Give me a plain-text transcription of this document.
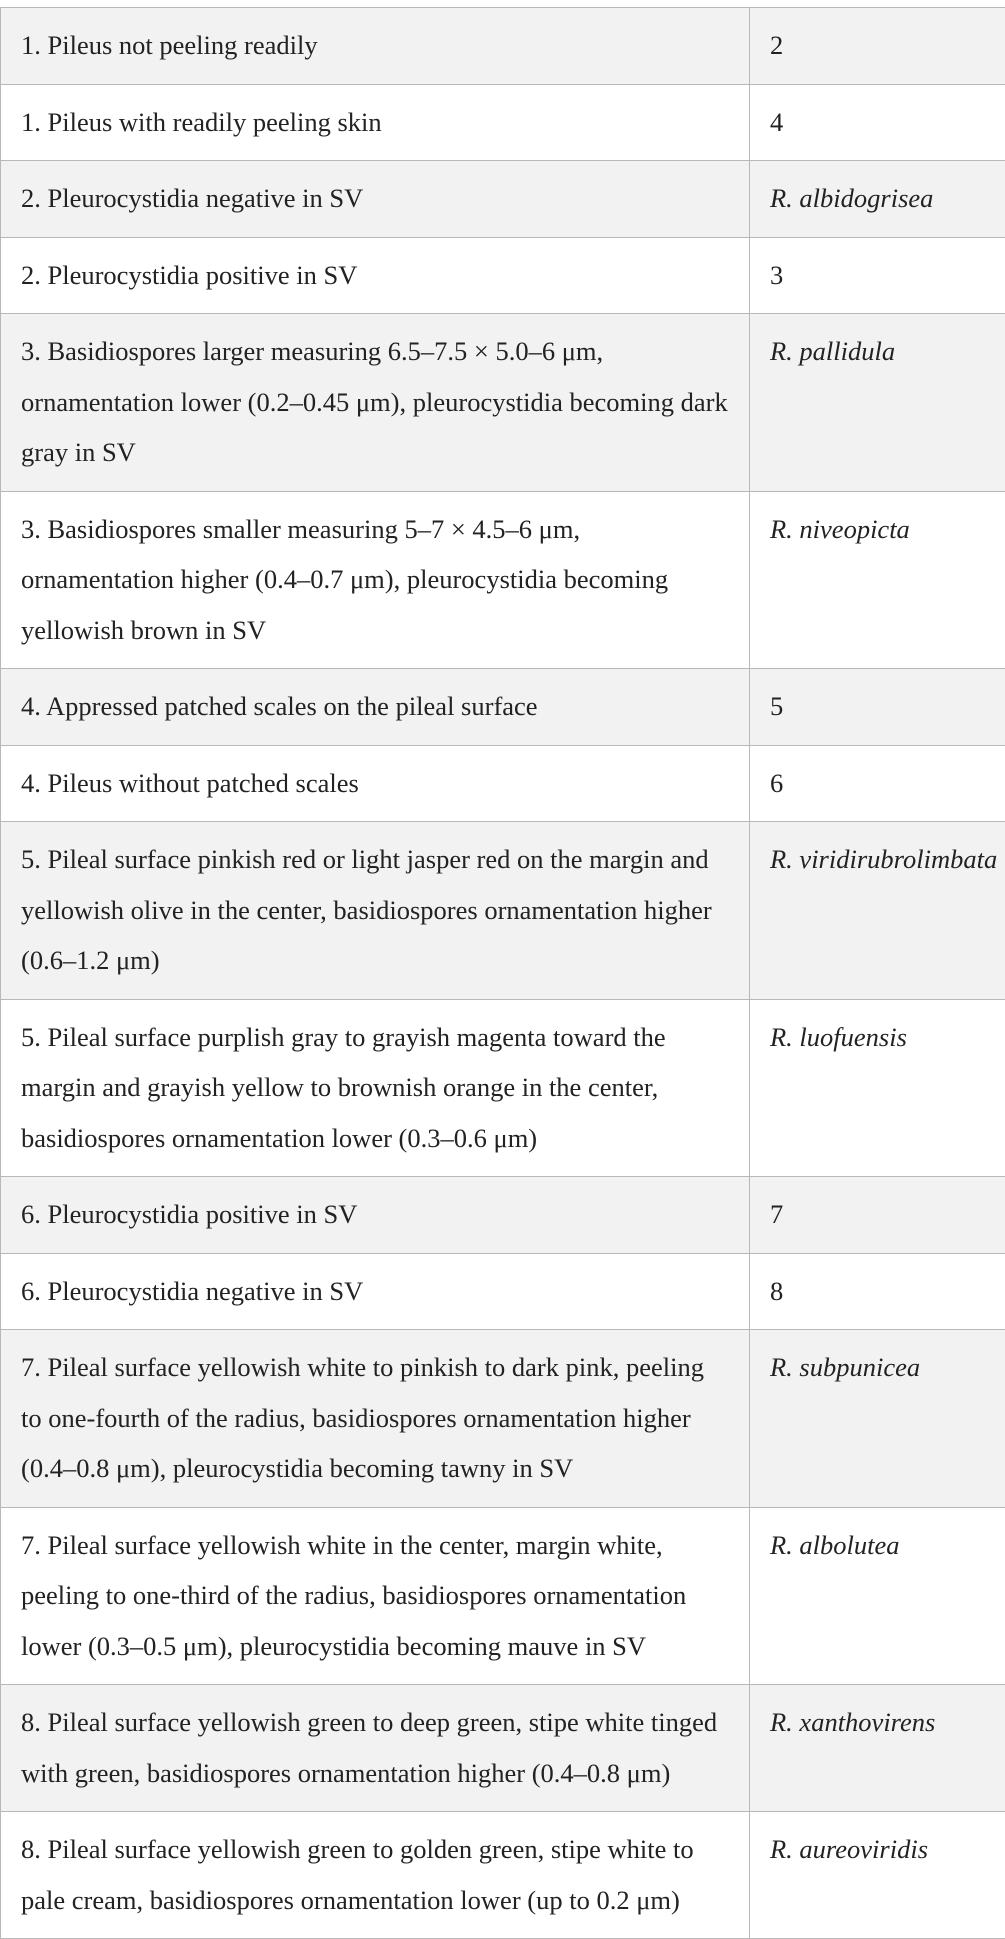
1. Pileus not peeling readily	2
1. Pileus with readily peeling skin	4
2. Pleurocystidia negative in SV	R. albidogrisea
2. Pleurocystidia positive in SV	3
3. Basidiospores larger measuring 6.5–7.5 × 5.0–6 μm, ornamentation lower (0.2–0.45 μm), pleurocystidia becoming dark gray in SV	R. pallidula
3. Basidiospores smaller measuring 5–7 × 4.5–6 μm, ornamentation higher (0.4–0.7 μm), pleurocystidia becoming yellowish brown in SV	R. niveopicta
4. Appressed patched scales on the pileal surface	5
4. Pileus without patched scales	6
5. Pileal surface pinkish red or light jasper red on the margin and yellowish olive in the center, basidiospores ornamentation higher (0.6–1.2 μm)	R. viridirubrolimbata
5. Pileal surface purplish gray to grayish magenta toward the margin and grayish yellow to brownish orange in the center, basidiospores ornamentation lower (0.3–0.6 μm)	R. luofuensis
6. Pleurocystidia positive in SV	7
6. Pleurocystidia negative in SV	8
7. Pileal surface yellowish white to pinkish to dark pink, peeling to one-fourth of the radius, basidiospores ornamentation higher (0.4–0.8 μm), pleurocystidia becoming tawny in SV	R. subpunicea
7. Pileal surface yellowish white in the center, margin white, peeling to one-third of the radius, basidiospores ornamentation lower (0.3–0.5 μm), pleurocystidia becoming mauve in SV	R. albolutea
8. Pileal surface yellowish green to deep green, stipe white tinged with green, basidiospores ornamentation higher (0.4–0.8 μm)	R. xanthovirens
8. Pileal surface yellowish green to golden green, stipe white to pale cream, basidiospores ornamentation lower (up to 0.2 μm)	R. aureoviridis
